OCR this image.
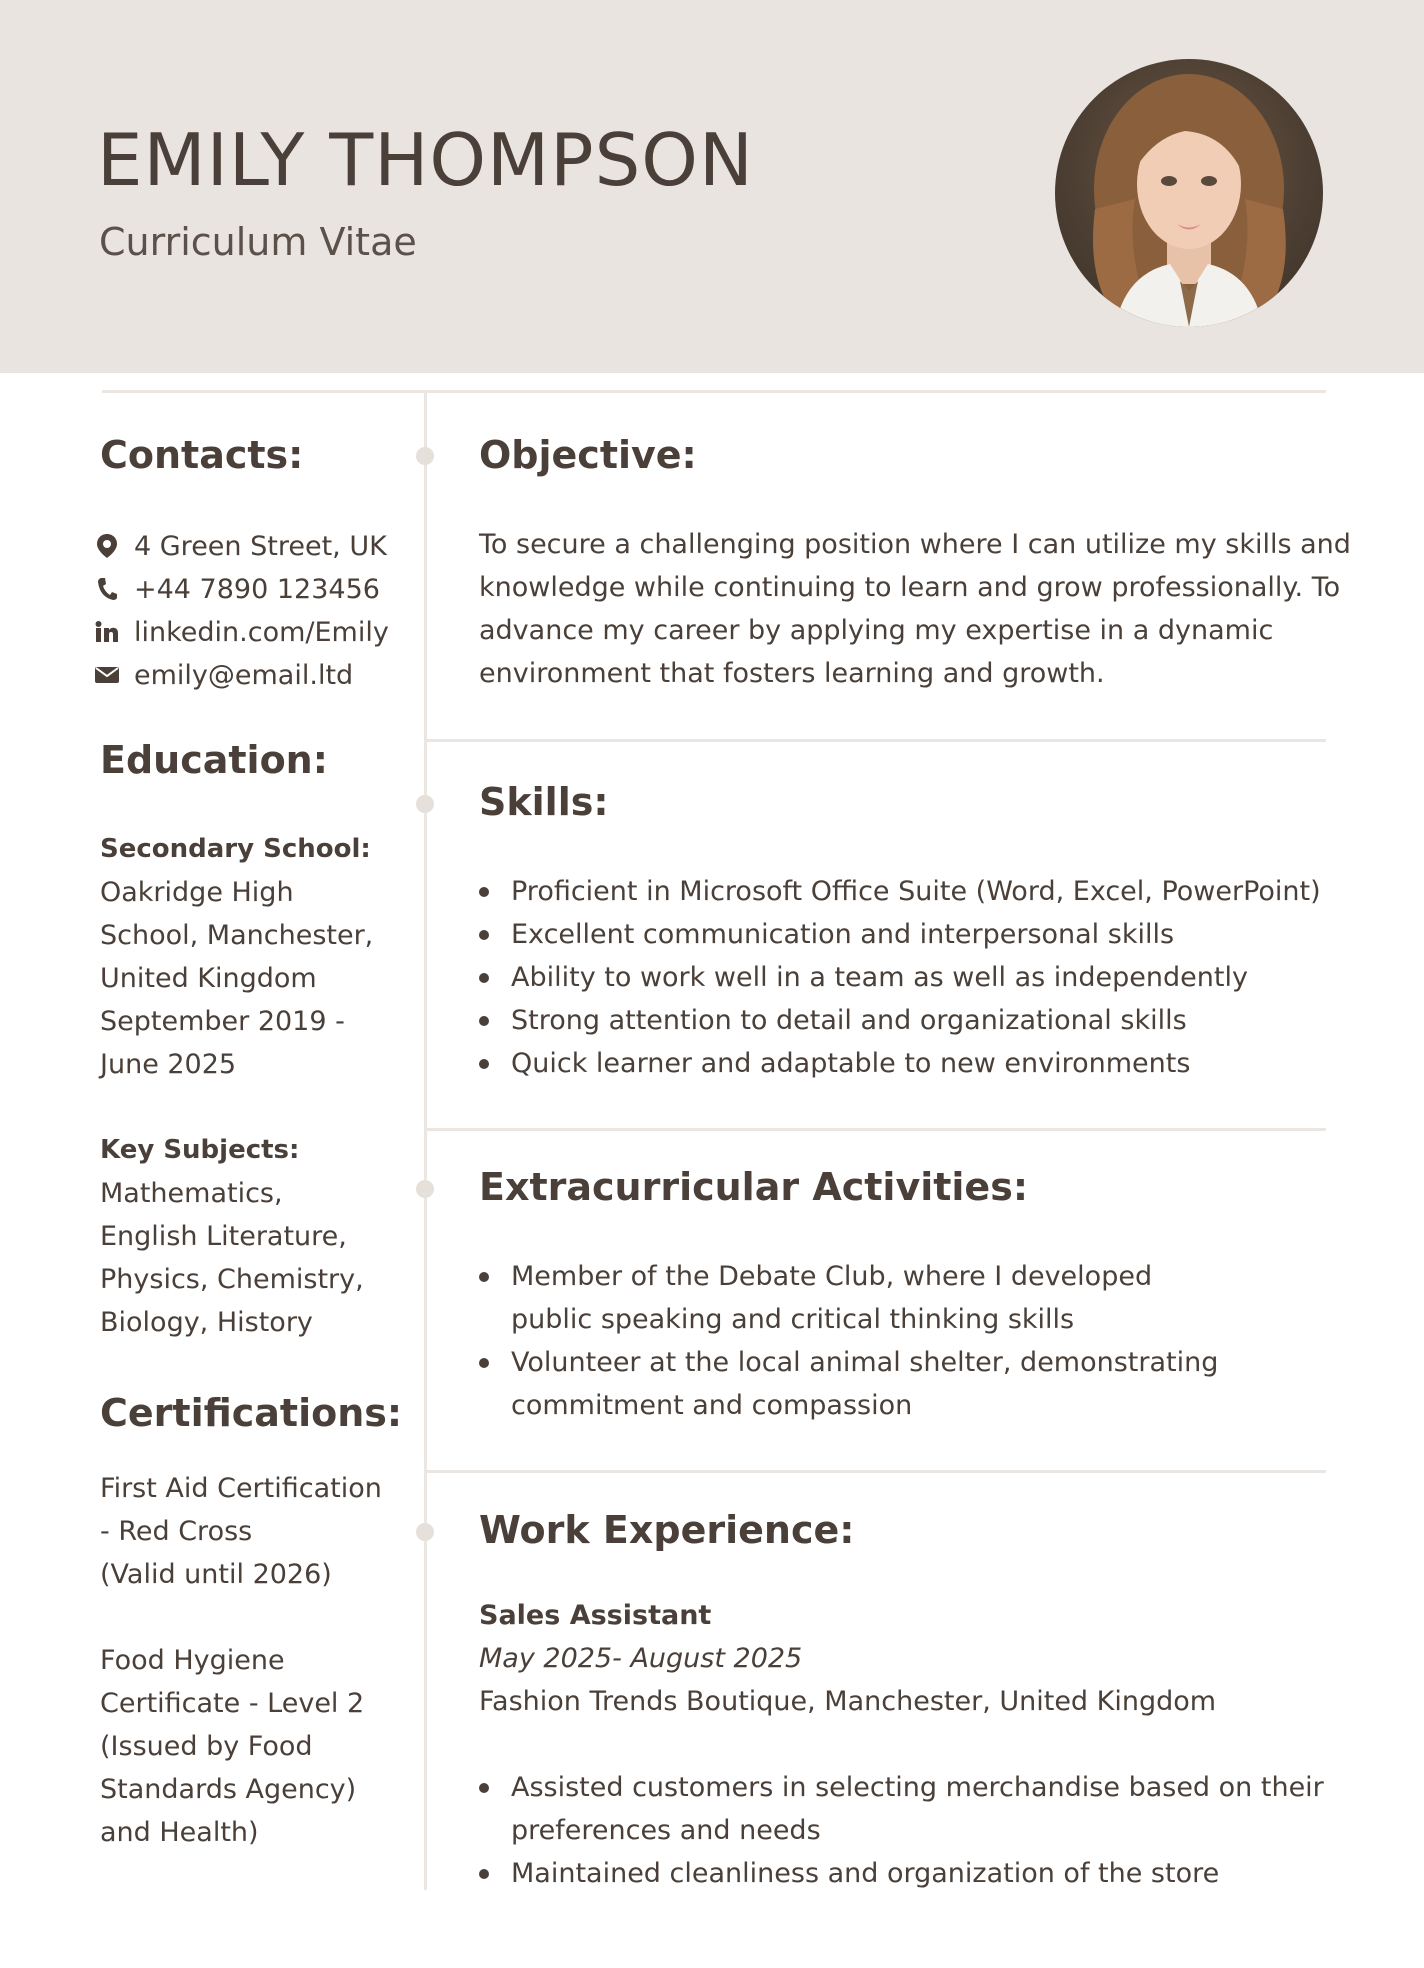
EMILY THOMPSON
Curriculum Vitae
Contacts:
4 Green Street, UK
+44 7890 123456
linkedin.com/Emily
emily@email.ltd
Education:
Secondary School:
Oakridge High
School, Manchester,
United Kingdom
September 2019 -
June 2025
Key Subjects:
Mathematics,
English Literature,
Physics, Chemistry,
Biology, History
Certifications:
First Aid Certification
- Red Cross
(Valid until 2026)
Food Hygiene
Certificate - Level 2
(Issued by Food
Standards Agency)
and Health)
Objective:
To secure a challenging position where I can utilize my skills and
knowledge while continuing to learn and grow professionally. To
advance my career by applying my expertise in a dynamic
environment that fosters learning and growth.
Skills:
Proficient in Microsoft Office Suite (Word, Excel, PowerPoint)
Excellent communication and interpersonal skills
Ability to work well in a team as well as independently
Strong attention to detail and organizational skills
Quick learner and adaptable to new environments
Extracurricular Activities:
Member of the Debate Club, where I developed public speaking and critical thinking skills
Volunteer at the local animal shelter, demonstrating commitment and compassion
Work Experience:
Sales Assistant
May 2025- August 2025
Fashion Trends Boutique, Manchester, United Kingdom
Assisted customers in selecting merchandise based on their preferences and needs
Maintained cleanliness and organization of the store
